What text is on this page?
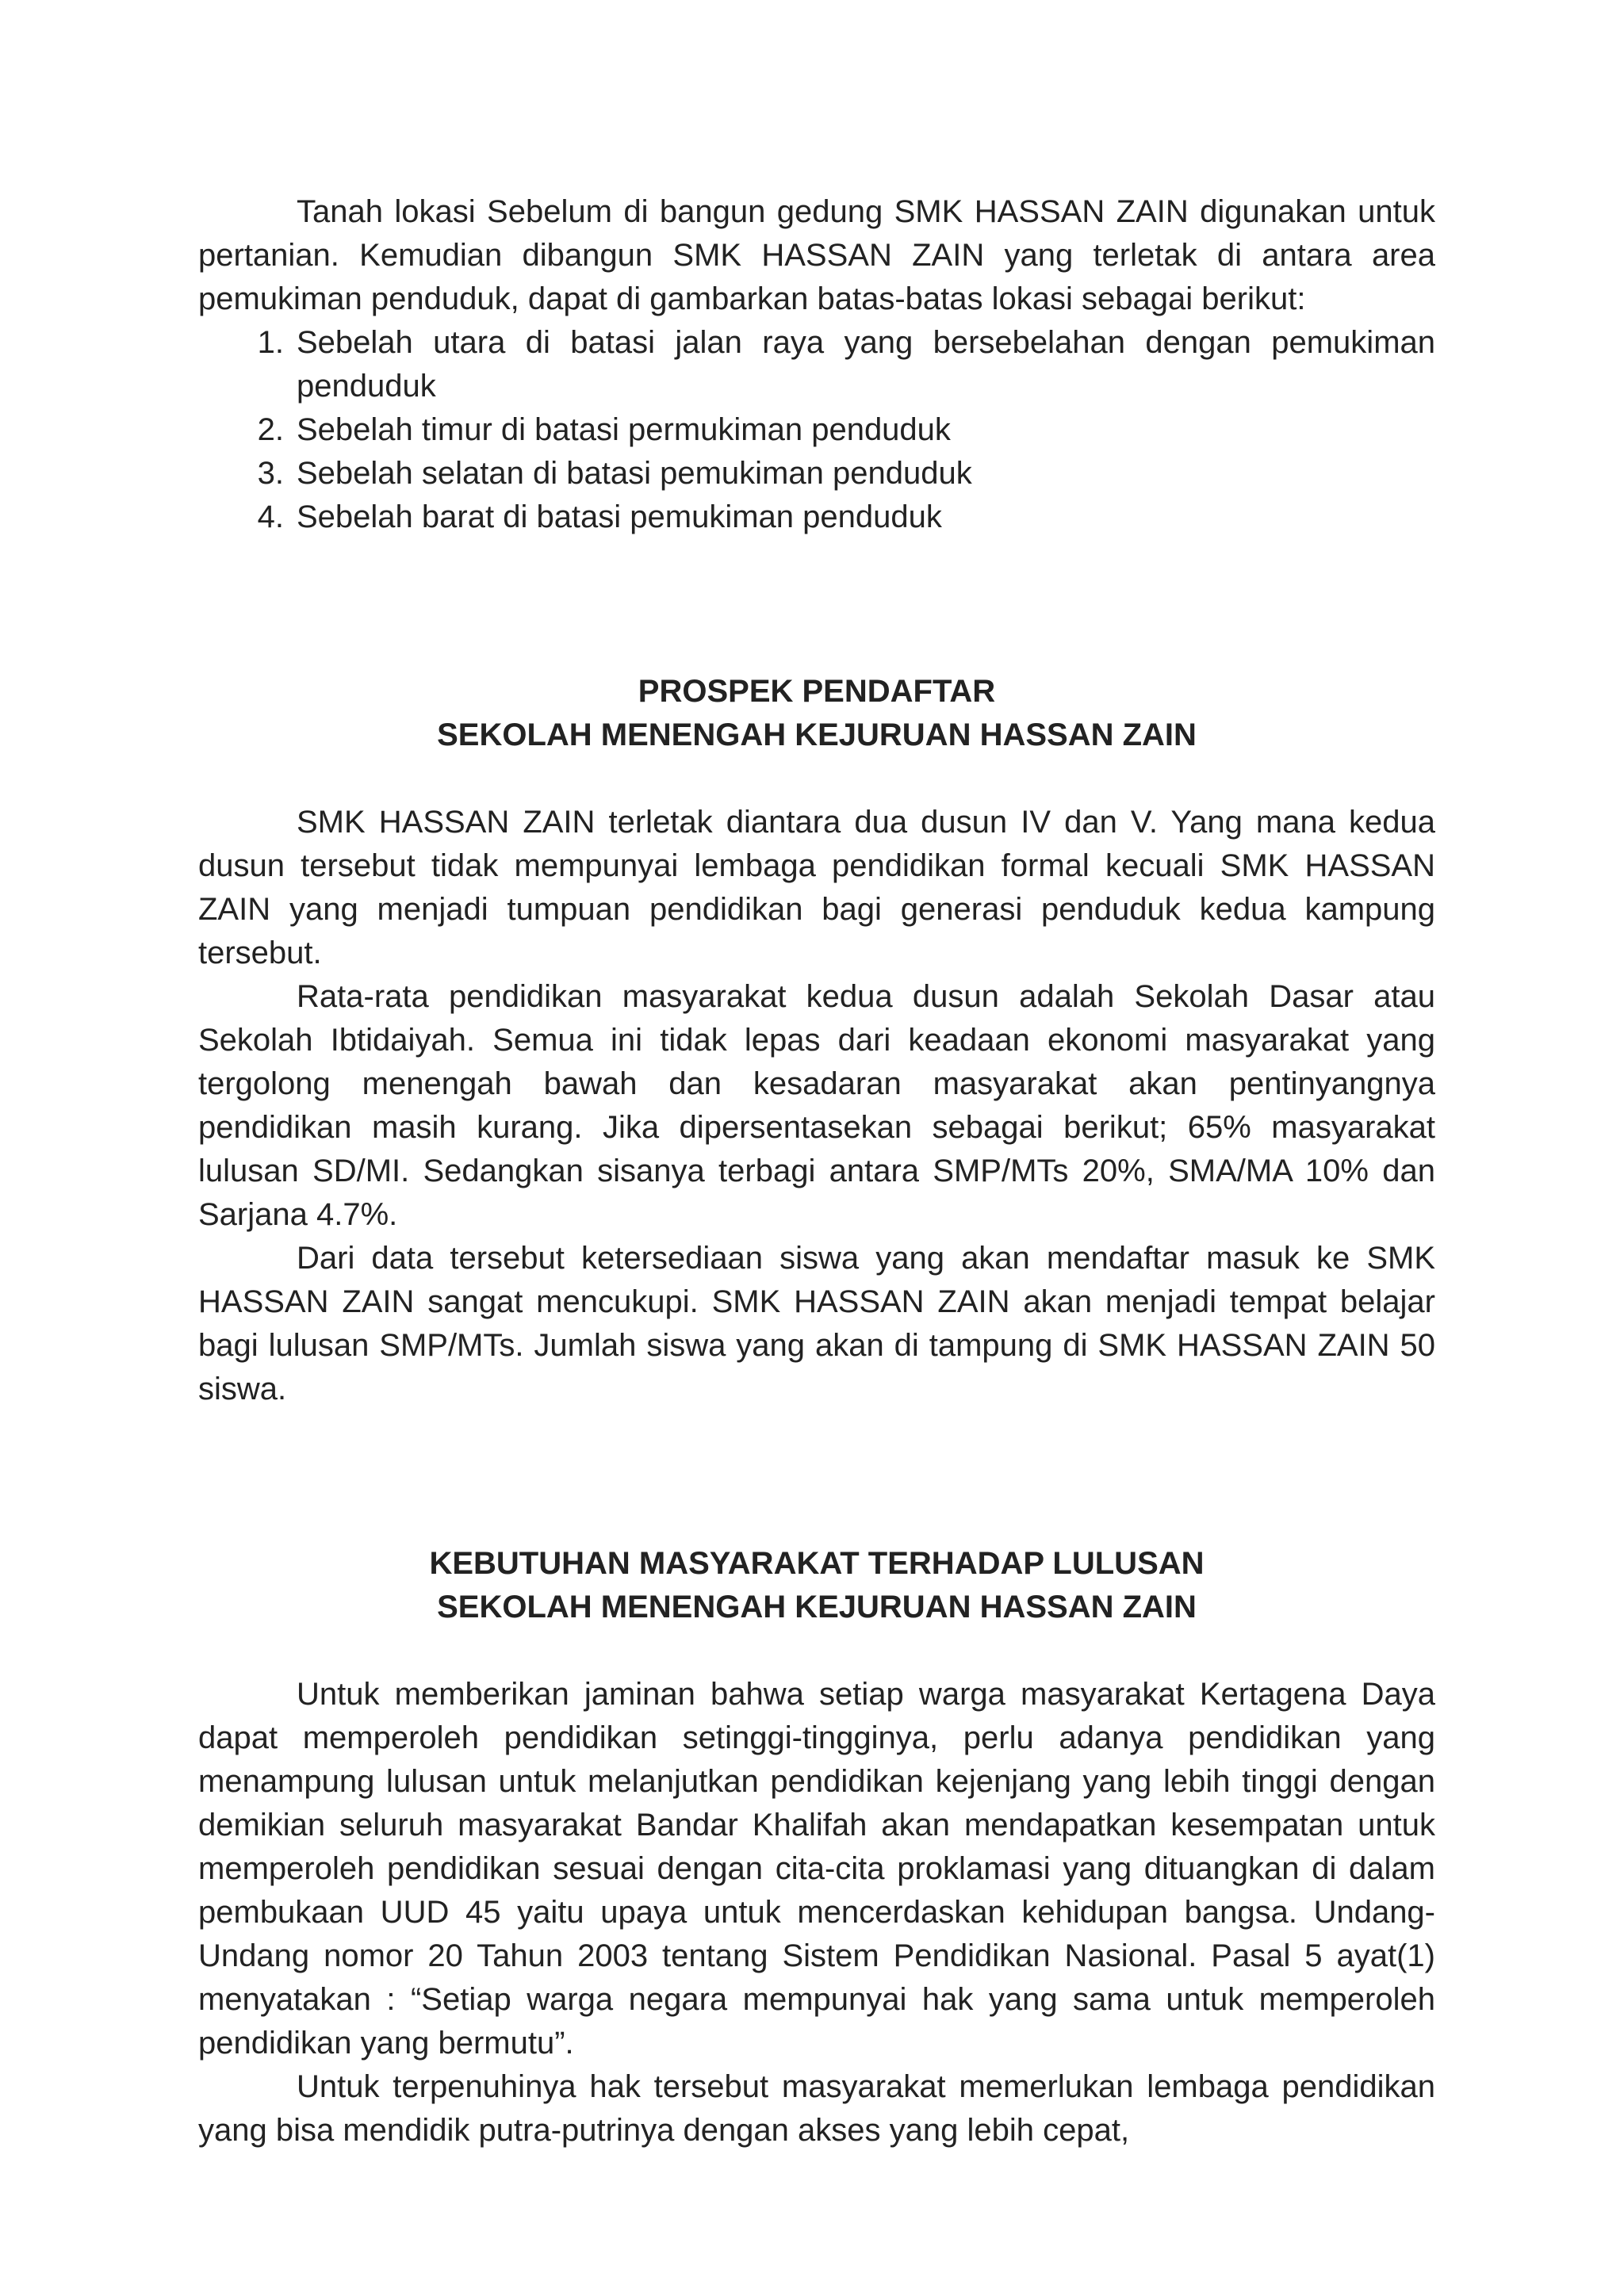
Tanah lokasi Sebelum di bangun gedung SMK HASSAN ZAIN digunakan untuk pertanian. Kemudian dibangun SMK HASSAN ZAIN yang terletak di antara area pemukiman penduduk, dapat di gambarkan batas-batas lokasi sebagai berikut:

1. Sebelah utara di batasi jalan raya yang bersebelahan dengan pemukiman penduduk
2. Sebelah timur di batasi permukiman penduduk
3. Sebelah selatan di batasi pemukiman penduduk
4. Sebelah barat di batasi pemukiman penduduk
PROSPEK PENDAFTAR
SEKOLAH MENENGAH KEJURUAN HASSAN ZAIN

SMK HASSAN ZAIN terletak diantara dua dusun IV dan V. Yang mana kedua dusun tersebut tidak mempunyai lembaga pendidikan formal kecuali SMK HASSAN ZAIN yang menjadi tumpuan pendidikan bagi generasi penduduk kedua kampung tersebut.

Rata-rata pendidikan masyarakat kedua dusun adalah Sekolah Dasar atau Sekolah Ibtidaiyah. Semua ini tidak lepas dari keadaan ekonomi masyarakat yang tergolong menengah bawah dan kesadaran masyarakat akan pentinyangnya pendidikan masih kurang. Jika dipersentasekan sebagai berikut; 65% masyarakat lulusan SD/MI. Sedangkan sisanya terbagi antara SMP/MTs 20%, SMA/MA 10% dan Sarjana 4.7%.

Dari data tersebut ketersediaan siswa yang akan mendaftar masuk ke SMK HASSAN ZAIN sangat mencukupi. SMK HASSAN ZAIN akan menjadi tempat belajar bagi lulusan SMP/MTs. Jumlah siswa yang akan di tampung di SMK HASSAN ZAIN 50 siswa.

KEBUTUHAN MASYARAKAT TERHADAP LULUSAN
SEKOLAH MENENGAH KEJURUAN HASSAN ZAIN

Untuk memberikan jaminan bahwa setiap warga masyarakat Kertagena Daya dapat memperoleh pendidikan setinggi-tingginya, perlu adanya pendidikan yang menampung lulusan untuk melanjutkan pendidikan kejenjang yang lebih tinggi dengan demikian seluruh masyarakat Bandar Khalifah akan mendapatkan kesempatan untuk memperoleh pendidikan sesuai dengan cita-cita proklamasi yang dituangkan di dalam pembukaan UUD 45 yaitu upaya untuk mencerdaskan kehidupan bangsa. Undang-Undang nomor 20 Tahun 2003 tentang Sistem Pendidikan Nasional. Pasal 5 ayat(1) menyatakan : “Setiap warga negara mempunyai hak yang sama untuk memperoleh pendidikan yang bermutu”.

Untuk terpenuhinya hak tersebut masyarakat memerlukan lembaga pendidikan yang bisa mendidik putra-putrinya dengan akses yang lebih cepat,
